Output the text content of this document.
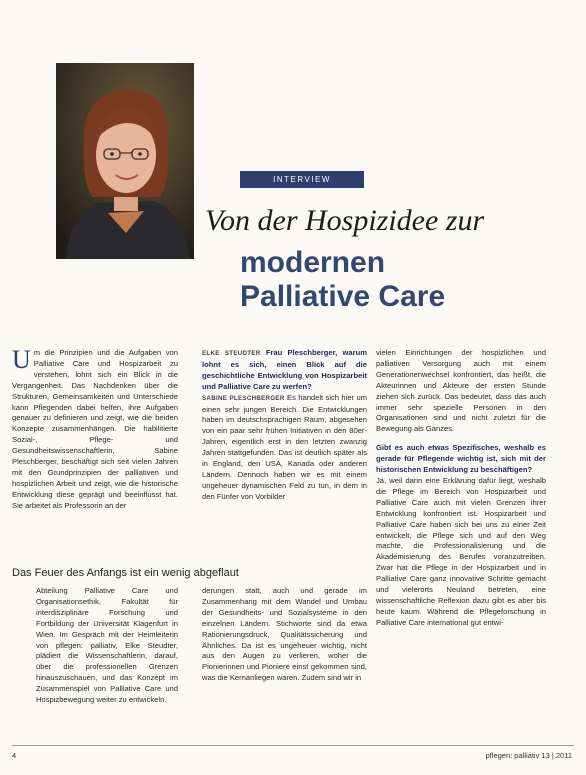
INTERVIEW
Von der Hospizidee zur
modernen
Palliative Care
U m die Prinzipien und die Aufgaben von Palliative Care und Hospizarbeit zu verstehen, lohnt sich ein Blick in die Vergangenheit. Das Nachdenken über die Strukturen, Gemeinsamkeiten und Unterschiede kann Pflegenden dabei helfen, ihre Aufgaben genauer zu definieren und zeigt, wie die beiden Konzepte zusammenhängen. Die habilitierte Sozial-, Pflege- und Gesundheitswissenschaftlerin, Sabine Pleschberger, beschäftigt sich seit vielen Jahren mit den Grundprinzipien der palliativen und hospizlichen Arbeit und zeigt, wie die historische Entwicklung diese geprägt und beeinflusst hat. Sie arbeitet als Professorin an der
ELKE STEUDTER Frau Pleschberger, warum lohnt es sich, einen Blick auf die geschichtliche Entwicklung von Hospizarbeit und Palliative Care zu werfen?
SABINE PLESCHBERGER Es handelt sich hier um einen sehr jungen Bereich. Die Entwicklungen haben im deutschsprachigen Raum, abgesehen von ein paar sehr frühen Initiativen in den 80er-Jahren, eigentlich erst in den letzten zwanzig Jahren stattgefunden. Das ist deutlich später als in England, den USA, Kanada oder anderen Ländern. Dennoch haben wir es mit einem ungeheuer dynamischen Feld zu tun, in dem in den Fünfer von Vorbilder
Das Feuer des Anfangs ist ein wenig abgeflaut
Abteilung Palliative Care und Organisationsethik, Fakultät für interdisziplinäre Forschung und Fortbildung der Universität Klagenfurt in Wien. Im Gespräch mit der Heimleiterin von pflegen: palliativ, Elke Steudter, plädiert die Wissenschaftlerin, darauf, über die professionellen Grenzen hinauszuschauen, und das Konzept im Zusammenspiel von Palliative Care und Hospizbewegung weiter zu entwickeln.
derungen statt, auch und gerade im Zusammenhang mit dem Wandel und Umbau der Gesundheits- und Sozialsysteme in den einzelnen Ländern. Stichworte sind da etwa Rationierungsdruck, Qualitätssicherung und Ähnliches. Da ist es ungeheuer wichtig, nicht aus den Augen zu verlieren, woher die Pionierinnen und Pioniere einst gekommen sind, was die Kernanliegen waren. Zudem sind wir in

vielen Einrichtungen der hospizlichen und palliativen Versorgung auch mit einem Generationenwechsel konfrontiert, das heißt, die Akteurinnen und Akteure der ersten Stunde ziehen sich zurück. Das bedeutet, dass das auch immer sehr spezielle Personen in den Organisationen sind und nicht zuletzt für die Bewegung als Ganzes.

Gibt es auch etwas Spezifisches, weshalb es gerade für Pflegende wichtig ist, sich mit der historischen Entwicklung zu beschäftigen?

Ja, weil darin eine Erklärung dafür liegt, weshalb die Pflege im Bereich von Hospizarbeit und Palliative Care auch mit vielen Grenzen ihrer Entwicklung konfrontiert ist. Hospizarbeit und Palliative Care haben sich bei uns zu einer Zeit entwickelt, die Pflege sich und auf den Weg machte, die Professionalisierung und die Akademisierung des Berufes voranzutreiben. Zwar hat die Pflege in der Hospizarbeit und in Palliative Care ganz innovative Schritte gemacht und vielerorts Neuland betreten, eine wissenschaftliche Reflexion dazu gibt es aber bis heute kaum. Während die Pflegeforschung in Palliative Care international gut entwi-

4	pflegen: palliativ 13 | 2011
